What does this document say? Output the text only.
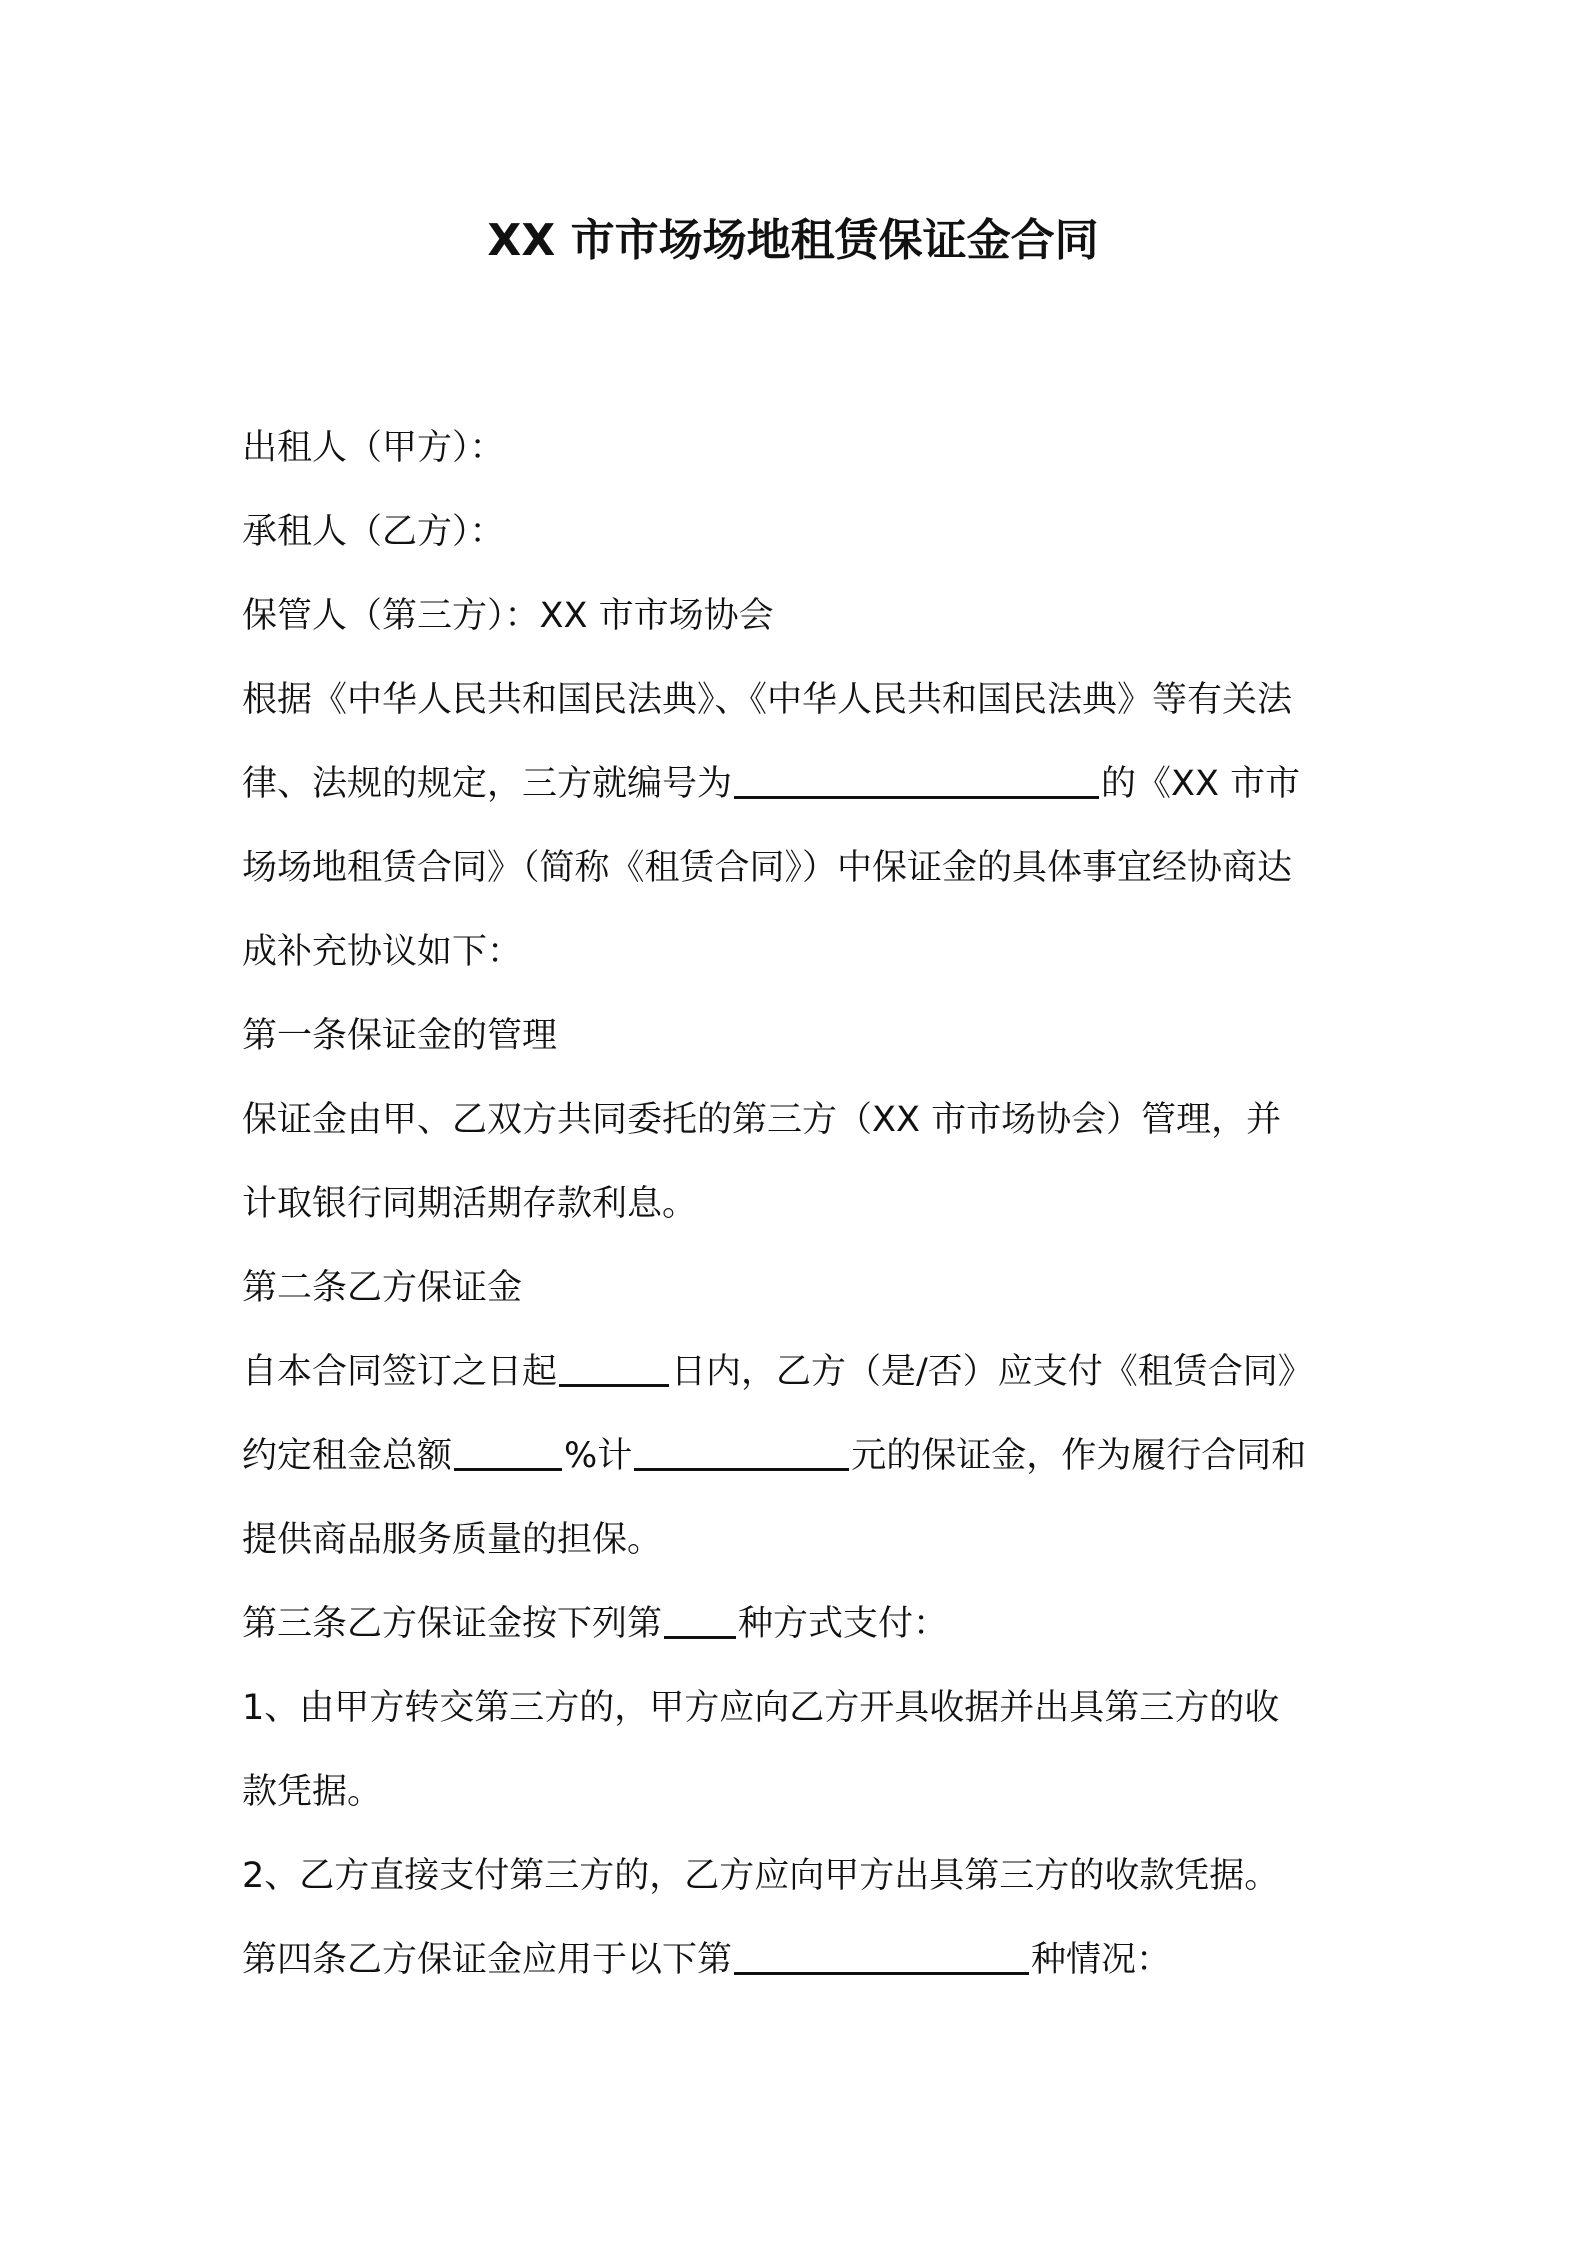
XX 市市场场地租赁保证金合同
出租人（甲方）：
承租人（乙方）：
保管人（第三方）：XX 市市场协会
根据《中华人民共和国民法典》、《中华人民共和国民法典》等有关法
律、法规的规定，三方就编号为	的《XX 市市
场场地租赁合同》（简称《租赁合同》）中保证金的具体事宜经协商达
成补充协议如下：
第一条保证金的管理
保证金由甲、乙双方共同委托的第三方（XX 市市场协会）管理，并
计取银行同期活期存款利息。
第二条乙方保证金
自本合同签订之日起	日内，乙方（是/否）应支付《租赁合同》
约定租金总额	%计	元的保证金，作为履行合同和
提供商品服务质量的担保。
第三条乙方保证金按下列第 种方式支付：
1、由甲方转交第三方的，甲方应向乙方开具收据并出具第三方的收
款凭据。
2、乙方直接支付第三方的，乙方应向甲方出具第三方的收款凭据。
第四条乙方保证金应用于以下第	种情况：
